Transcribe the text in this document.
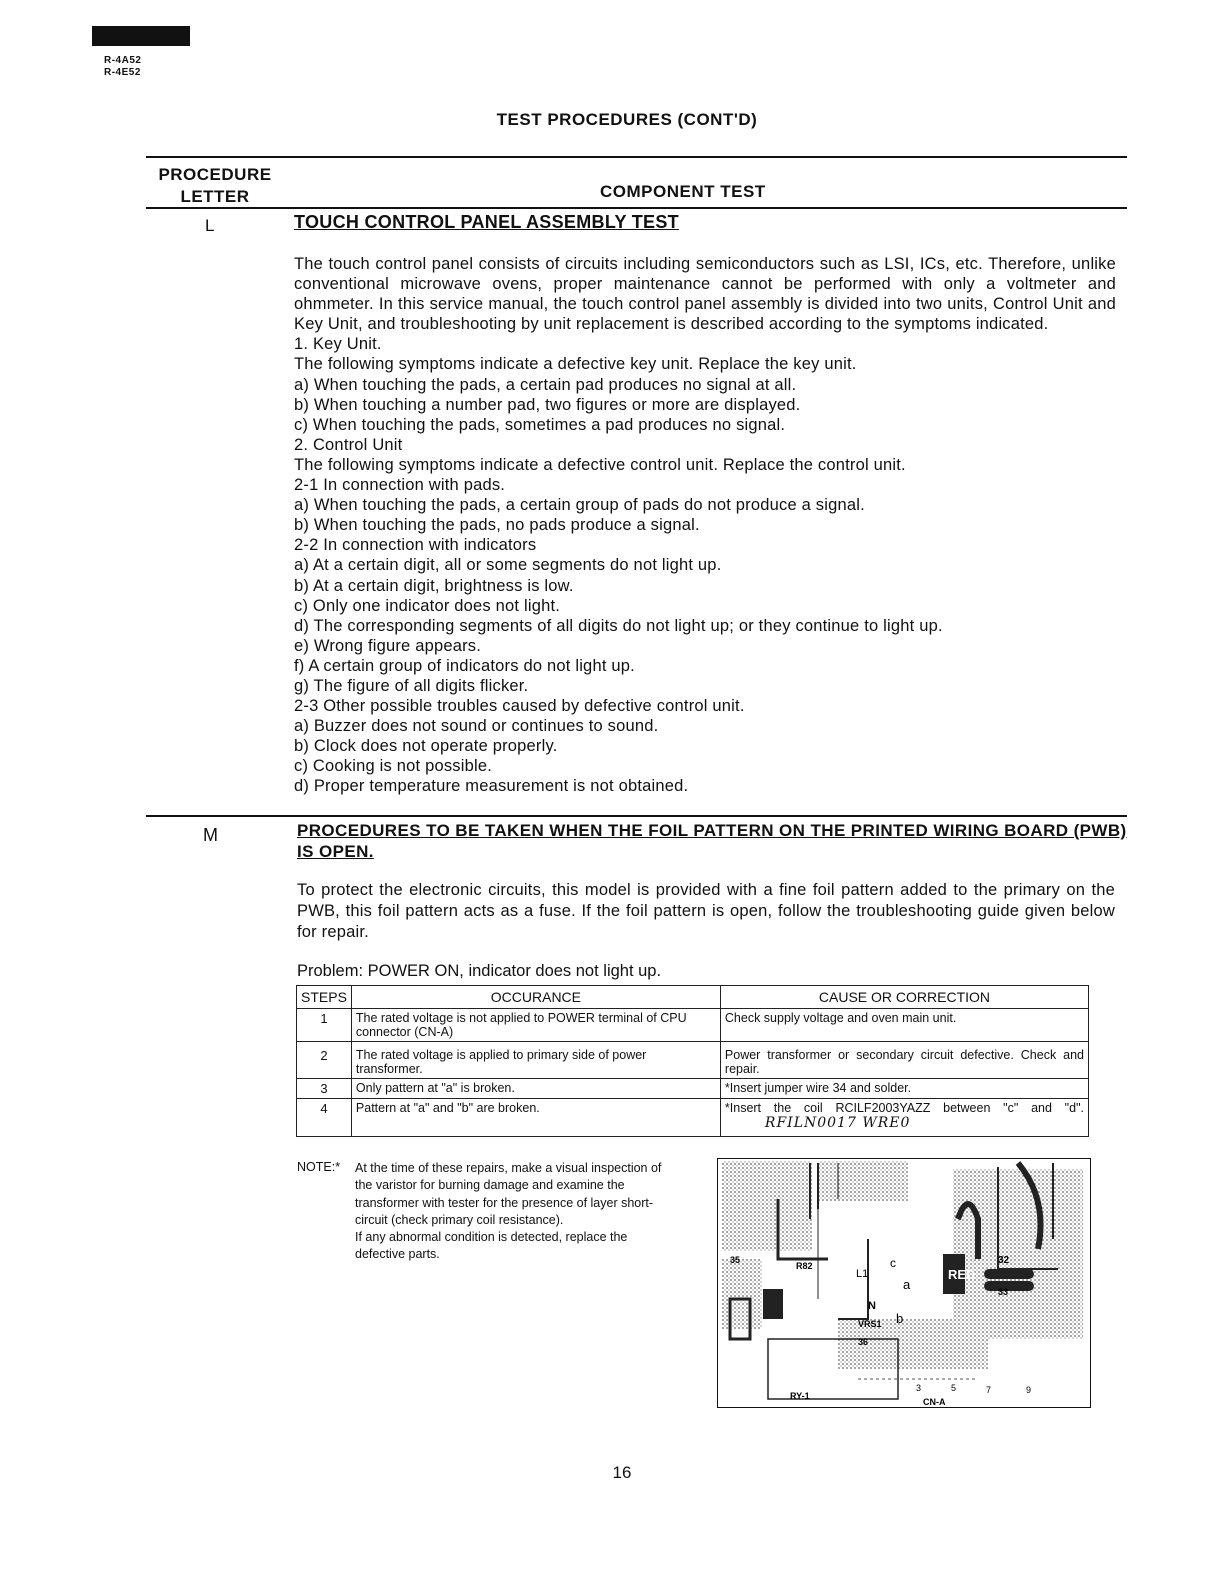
R-4A52
R-4E52
TEST PROCEDURES (CONT'D)
PROCEDURE
LETTER	COMPONENT TEST
L	TOUCH CONTROL PANEL ASSEMBLY TEST

The touch control panel consists of circuits including semiconductors such as LSI, ICs, etc. Therefore, unlike conventional microwave ovens, proper maintenance cannot be performed with only a voltmeter and ohmmeter. In this service manual, the touch control panel assembly is divided into two units, Control Unit and Key Unit, and troubleshooting by unit replacement is described according to the symptoms indicated.

1. Key Unit.
The following symptoms indicate a defective key unit. Replace the key unit.
a) When touching the pads, a certain pad produces no signal at all.
b) When touching a number pad, two figures or more are displayed.
c) When touching the pads, sometimes a pad produces no signal.
2. Control Unit
The following symptoms indicate a defective control unit. Replace the control unit.
2-1 In connection with pads.
a) When touching the pads, a certain group of pads do not produce a signal.
b) When touching the pads, no pads produce a signal.
2-2 In connection with indicators
a) At a certain digit, all or some segments do not light up.
b) At a certain digit, brightness is low.
c) Only one indicator does not light.
d) The corresponding segments of all digits do not light up; or they continue to light up.
e) Wrong figure appears.
f) A certain group of indicators do not light up.
g) The figure of all digits flicker.
2-3 Other possible troubles caused by defective control unit.
a) Buzzer does not sound or continues to sound.
b) Clock does not operate properly.
c) Cooking is not possible.
d) Proper temperature measurement is not obtained.
M	PROCEDURES TO BE TAKEN WHEN THE FOIL PATTERN ON THE PRINTED WIRING BOARD (PWB) IS OPEN.
To protect the electronic circuits, this model is provided with a fine foil pattern added to the primary on the PWB, this foil pattern acts as a fuse. If the foil pattern is open, follow the troubleshooting guide given below for repair.
Problem: POWER ON, indicator does not light up.
STEPS	OCCURANCE	CAUSE OR CORRECTION
1	The rated voltage is not applied to POWER terminal of CPU connector (CN-A)	Check supply voltage and oven main unit.
2	The rated voltage is applied to primary side of power transformer.	Power transformer or secondary circuit defective. Check and repair.
3	Only pattern at "a" is broken.	*Insert jumper wire 34 and solder.
4	Pattern at "a" and "b" are broken.	*Insert the coil RCILF2003YAZZ between "c" and "d". RFILN0017 WRE0
NOTE:* At the time of these repairs, make a visual inspection of the varistor for burning damage and examine the transformer with tester for the presence of layer short-circuit (check primary coil resistance).
If any abnormal condition is detected, replace the defective parts.
RY-1
CN-A
VRS1
L1
N
c
a
b
32
33
36
35
R82
3	5	7	9
RED
16
